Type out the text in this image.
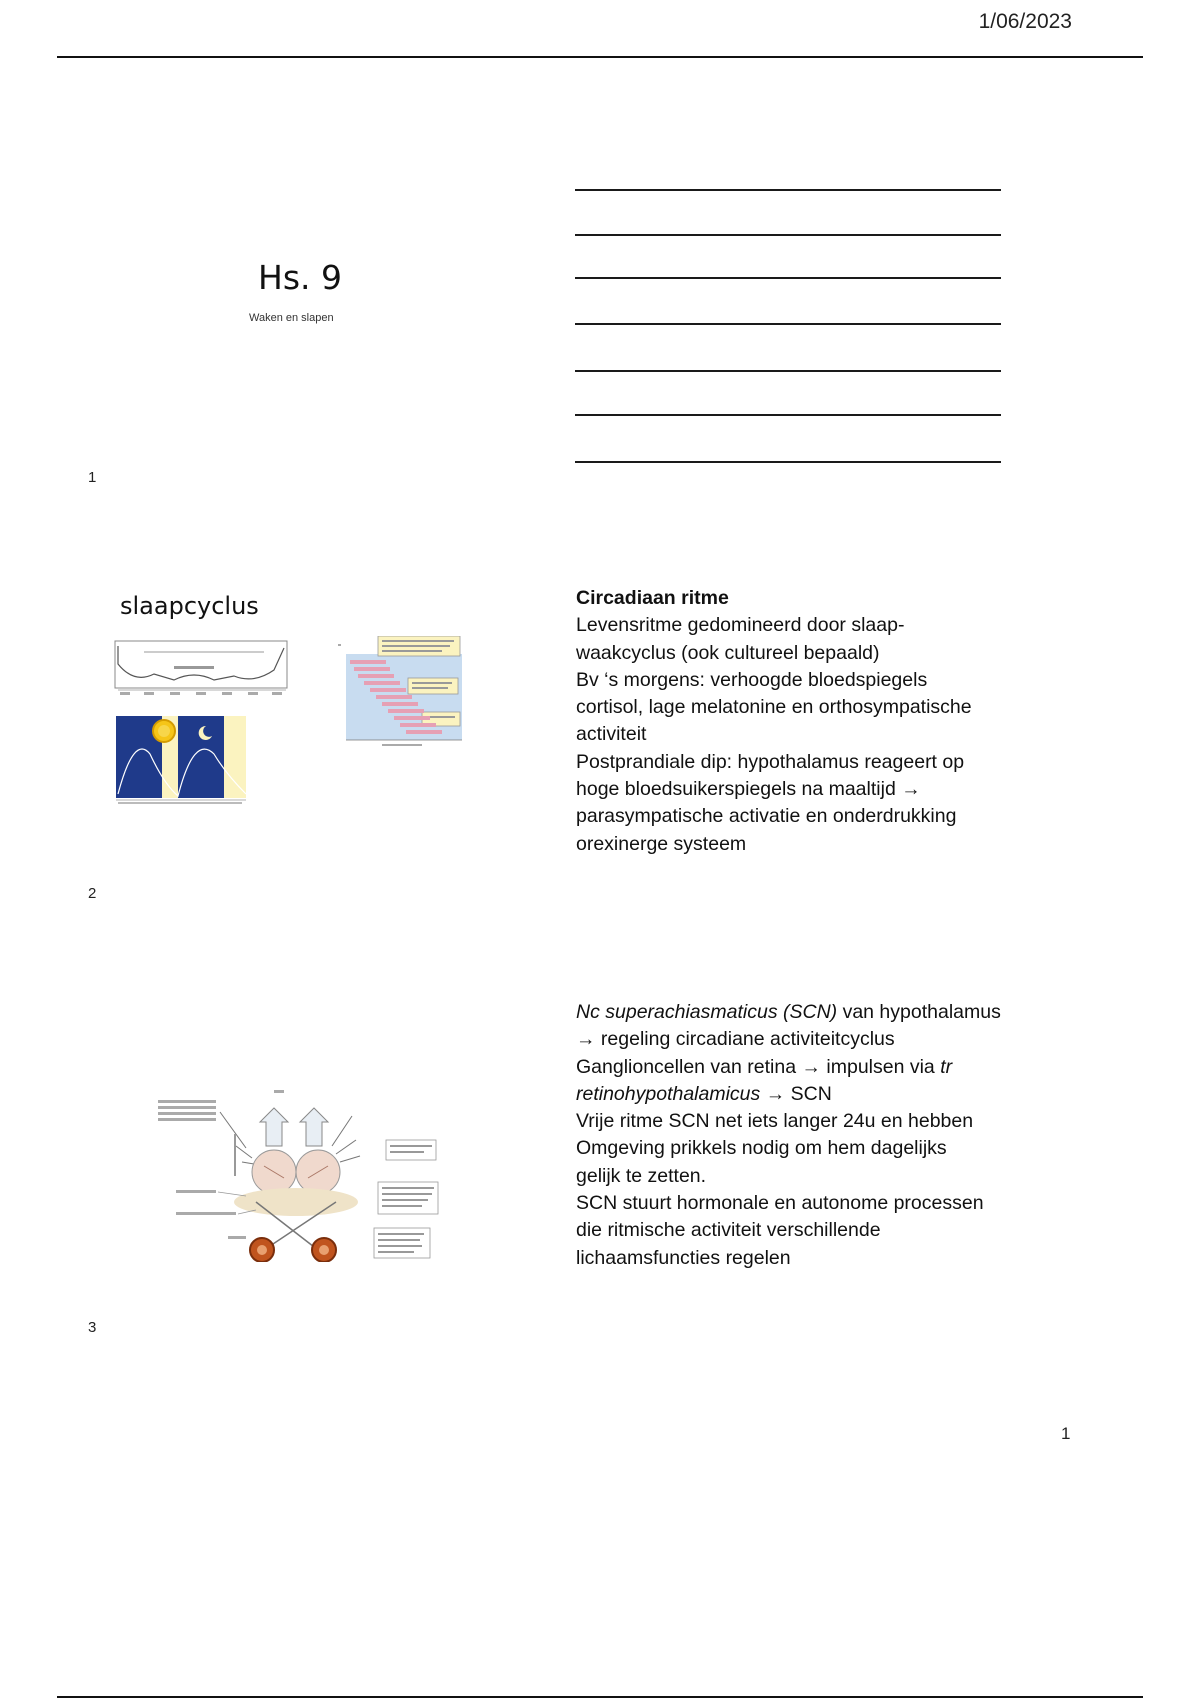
1/06/2023
Hs. 9
Waken en slapen
1
slaapcyclus	Circadiaan ritme

Levensritme gedomineerd door slaap-

waakcyclus (ook cultureel bepaald)

Bv ‘s morgens: verhoogde bloedspiegels

cortisol, lage melatonine en orthosympatische

activiteit

Postprandiale dip: hypothalamus reageert op

hoge bloedsuikerspiegels na maaltijd →

parasympatische activatie en onderdrukking

orexinerge systeem

2

Nc superachiasmaticus (SCN) van hypothalamus

→ regeling circadiane activiteitcyclus

Ganglioncellen van retina → impulsen via tr

retinohypothalamicus → SCN

Vrije ritme SCN net iets langer 24u en hebben

Omgeving prikkels nodig om hem dagelijks

gelijk te zetten.

SCN stuurt hormonale en autonome processen

die ritmische activiteit verschillende

lichaamsfuncties regelen

3
1
